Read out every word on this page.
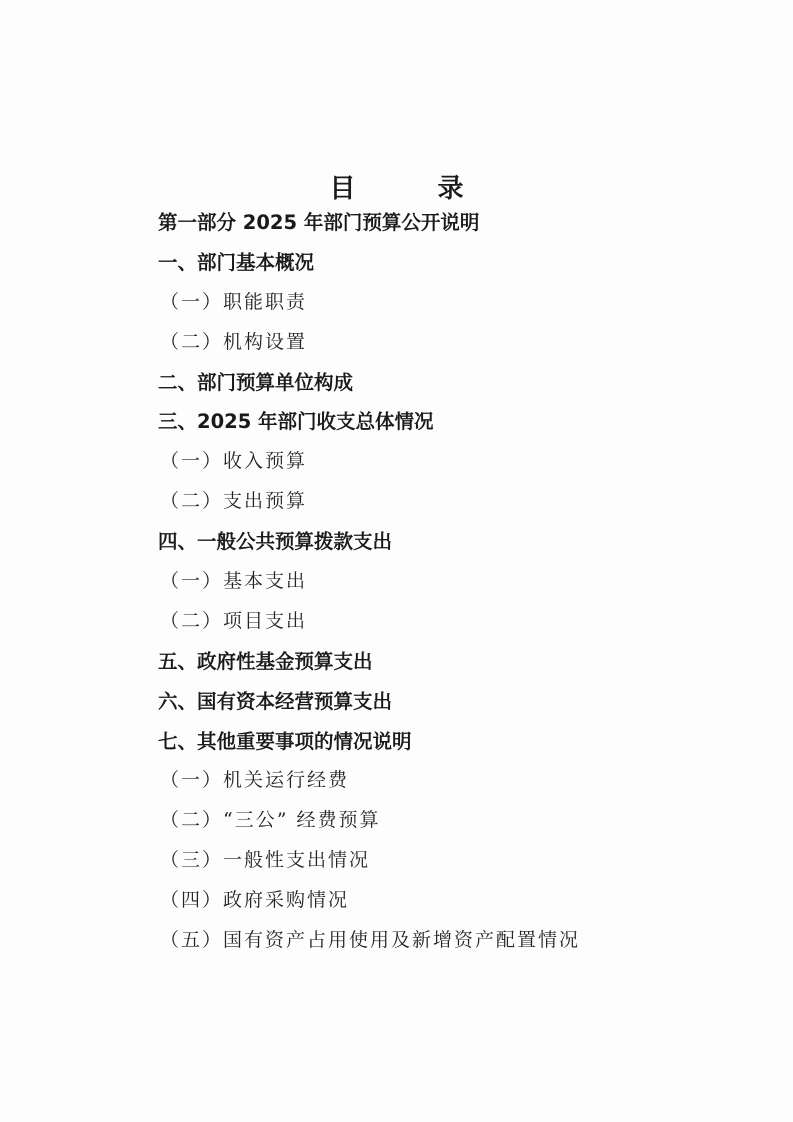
目　录
第一部分 2025 年部门预算公开说明
一、部门基本概况
（一）职能职责
（二）机构设置
二、部门预算单位构成
三、2025 年部门收支总体情况
（一）收入预算
（二）支出预算
四、一般公共预算拨款支出
（一）基本支出
（二）项目支出
五、政府性基金预算支出
六、国有资本经营预算支出
七、其他重要事项的情况说明
（一）机关运行经费
（二）“三公” 经费预算
（三）一般性支出情况
（四）政府采购情况
（五）国有资产占用使用及新增资产配置情况
